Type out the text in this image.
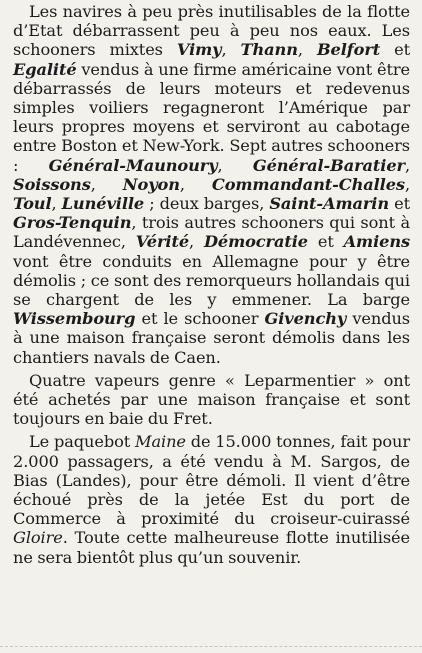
Les navires à peu près inutilisables de la flotte d’Etat débarrassent peu à peu nos eaux. Les schooners mixtes Vimy, Thann, Belfort et Egalité vendus à une firme américaine vont être débarrassés de leurs moteurs et redevenus simples voiliers regagneront l’Amérique par leurs propres moyens et serviront au cabotage entre Boston et New-York. Sept autres schooners : Général-Maunoury, Général-Baratier, Soissons, Noyon, Commandant-Challes, Toul, Lunéville ; deux barges, Saint-Amarin et Gros-Tenquin, trois autres schooners qui sont à Landévennec, Vérité, Démocratie et Amiens vont être conduits en Allemagne pour y être démolis ; ce sont des remorqueurs hollandais qui se chargent de les y emmener. La barge Wissembourg et le schooner Givenchy vendus à une maison française seront démolis dans les chantiers navals de Caen.

Quatre vapeurs genre « Leparmentier » ont été achetés par une maison française et sont toujours en baie du Fret.

Le paquebot Maine de 15.000 tonnes, fait pour 2.000 passagers, a été vendu à M. Sargos, de Bias (Landes), pour être démoli. Il vient d’être échoué près de la jetée Est du port de Commerce à proximité du croiseur-cuirassé Gloire. Toute cette malheureuse flotte inutilisée ne sera bientôt plus qu’un souvenir.
